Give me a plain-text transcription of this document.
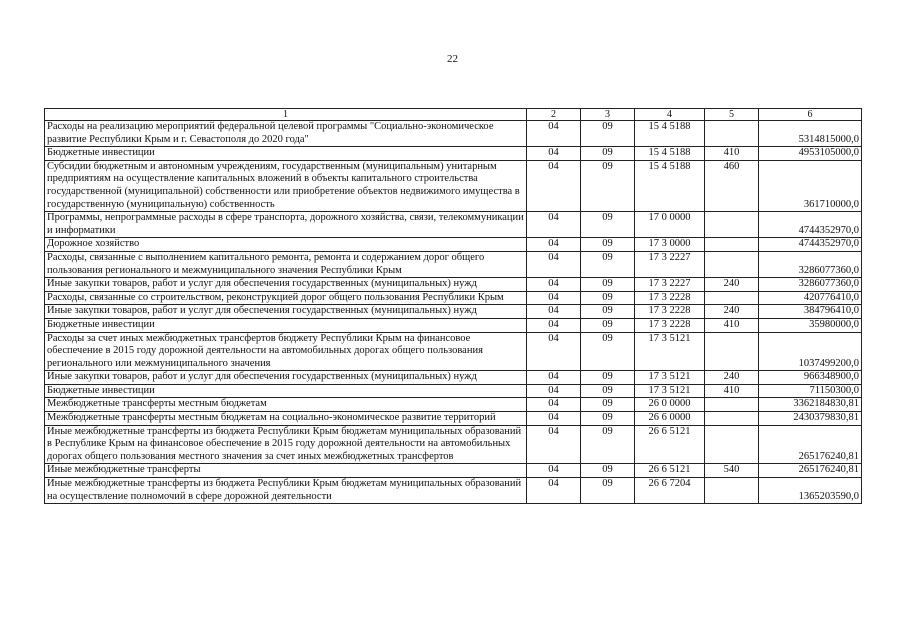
22
1	2	3	4	5	6
Расходы на реализацию мероприятий федеральной целевой программы "Социально-экономическое развитие Республики Крым и г. Севастополя до 2020 года"	04	09	15 4 5188		5314815000,0
Бюджетные инвестиции	04	09	15 4 5188	410	4953105000,0
Субсидии бюджетным и автономным учреждениям, государственным (муниципальным) унитарным предприятиям на осуществление капитальных вложений в объекты капитального строительства государственной (муниципальной) собственности или приобретение объектов недвижимого имущества в государственную (муниципальную) собственность	04	09	15 4 5188	460	361710000,0
Программы, непрограммные расходы в сфере транспорта, дорожного хозяйства, связи, телекоммуникации и информатики	04	09	17 0 0000		4744352970,0
Дорожное хозяйство	04	09	17 3 0000		4744352970,0
Расходы, связанные с выполнением капитального ремонта, ремонта и содержанием дорог общего пользования регионального и межмуниципального значения Республики Крым	04	09	17 3 2227		3286077360,0
Иные закупки товаров, работ и услуг для обеспечения государственных (муниципальных) нужд	04	09	17 3 2227	240	3286077360,0
Расходы, связанные со строительством, реконструкцией дорог общего пользования Республики Крым	04	09	17 3 2228		420776410,0
Иные закупки товаров, работ и услуг для обеспечения государственных (муниципальных) нужд	04	09	17 3 2228	240	384796410,0
Бюджетные инвестиции	04	09	17 3 2228	410	35980000,0
Расходы за счет иных межбюджетных трансфертов бюджету Республики Крым на финансовое обеспечение в 2015 году дорожной деятельности на автомобильных дорогах общего пользования регионального или межмуниципального значения	04	09	17 3 5121		1037499200,0
Иные закупки товаров, работ и услуг для обеспечения государственных (муниципальных) нужд	04	09	17 3 5121	240	966348900,0
Бюджетные инвестиции	04	09	17 3 5121	410	71150300,0
Межбюджетные трансферты местным бюджетам	04	09	26 0 0000		3362184830,81
Межбюджетные трансферты местным бюджетам на социально-экономическое развитие территорий	04	09	26 6 0000		2430379830,81
Иные межбюджетные трансферты из бюджета Республики Крым бюджетам муниципальных образований в Республике Крым на финансовое обеспечение в 2015 году дорожной деятельности на автомобильных дорогах общего пользования местного значения за счет иных межбюджетных трансфертов	04	09	26 6 5121		265176240,81
Иные межбюджетные трансферты	04	09	26 6 5121	540	265176240,81
Иные межбюджетные трансферты из бюджета Республики Крым бюджетам муниципальных образований на осуществление полномочий в сфере дорожной деятельности	04	09	26 6 7204		1365203590,0
